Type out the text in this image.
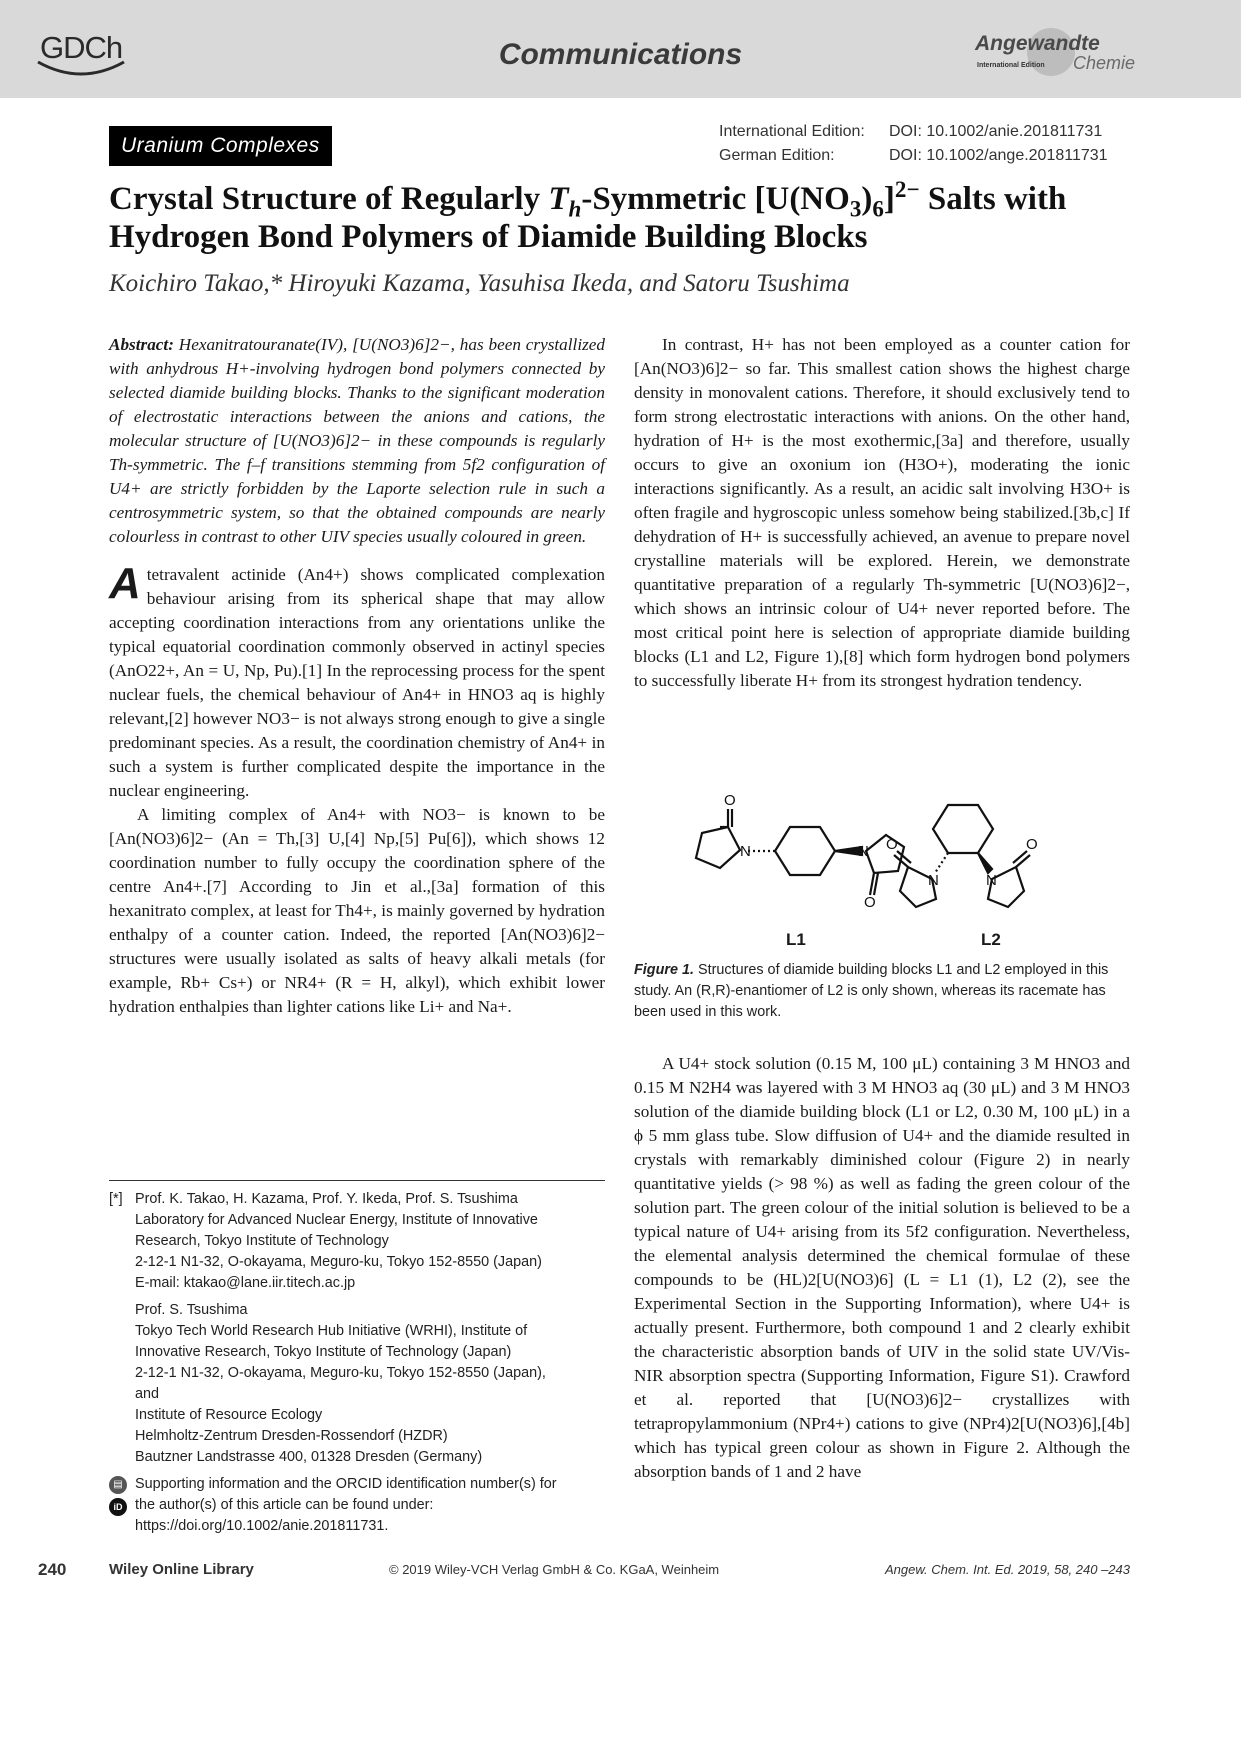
GDCh	Communications	Angewandte
International Edition Chemie
Uranium Complexes
International Edition: DOI: 10.1002/anie.201811731
German Edition:	DOI: 10.1002/ange.201811731
Crystal Structure of Regularly $T_h$-Symmetric $[U(NO_3)_6]^{2-}$ Salts with Hydrogen Bond Polymers of Diamide Building Blocks
Koichiro Takao,* Hiroyuki Kazama, Yasuhisa Ikeda, and Satoru Tsushima

Abstract: Hexanitratouranate(IV), [U(NO3)6]2−, has been crystallized with anhydrous H+-involving hydrogen bond polymers connected by selected diamide building blocks. Thanks to the significant moderation of electrostatic interactions between the anions and cations, the molecular structure of [U(NO3)6]2− in these compounds is regularly Th-symmetric. The f–f transitions stemming from 5f2 configuration of U4+ are strictly forbidden by the Laporte selection rule in such a centrosymmetric system, so that the obtained compounds are nearly colourless in contrast to other UIV species usually coloured in green.

A tetravalent actinide (An4+) shows complicated complexation behaviour arising from its spherical shape that may allow accepting coordination interactions from any orientations unlike the typical equatorial coordination commonly observed in actinyl species (AnO22+, An = U, Np, Pu).[1] In the reprocessing process for the spent nuclear fuels, the chemical behaviour of An4+ in HNO3 aq is highly relevant,[2] however NO3− is not always strong enough to give a single predominant species. As a result, the coordination chemistry of An4+ in such a system is further complicated despite the importance in the nuclear engineering.

A limiting complex of An4+ with NO3− is known to be [An(NO3)6]2− (An = Th,[3] U,[4] Np,[5] Pu[6]), which shows 12 coordination number to fully occupy the coordination sphere of the centre An4+.[7] According to Jin et al.,[3a] formation of this hexanitrato complex, at least for Th4+, is mainly governed by hydration enthalpy of a counter cation. Indeed, the reported [An(NO3)6]2− structures were usually isolated as salts of heavy alkali metals (for example, Rb+ Cs+) or NR4+ (R = H, alkyl), which exhibit lower hydration enthalpies than lighter cations like Li+ and Na+.

[*] Prof. K. Takao, H. Kazama, Prof. Y. Ikeda, Prof. S. Tsushima
Laboratory for Advanced Nuclear Energy, Institute of Innovative
Research, Tokyo Institute of Technology
2-12-1 N1-32, O-okayama, Meguro-ku, Tokyo 152-8550 (Japan)
E-mail: ktakao@lane.iir.titech.ac.jp
Prof. S. Tsushima
Tokyo Tech World Research Hub Initiative (WRHI), Institute of
Innovative Research, Tokyo Institute of Technology (Japan)
2-12-1 N1-32, O-okayama, Meguro-ku, Tokyo 152-8550 (Japan),
and
Institute of Resource Ecology
Helmholtz-Zentrum Dresden-Rossendorf (HZDR)
Bautzner Landstrasse 400, 01328 Dresden (Germany)
▤
iD
Supporting information and the ORCID identification number(s) for
the author(s) of this article can be found under:
https://doi.org/10.1002/anie.201811731.

In contrast, H+ has not been employed as a counter cation for [An(NO3)6]2− so far. This smallest cation shows the highest charge density in monovalent cations. Therefore, it should exclusively tend to form strong electrostatic interactions with anions. On the other hand, hydration of H+ is the most exothermic,[3a] and therefore, usually occurs to give an oxonium ion (H3O+), moderating the ionic interactions significantly. As a result, an acidic salt involving H3O+ is often fragile and hygroscopic unless somehow being stabilized.[3b,c] If dehydration of H+ is successfully achieved, an avenue to prepare novel crystalline materials will be explored. Herein, we demonstrate quantitative preparation of a regularly Th-symmetric [U(NO3)6]2−, which shows an intrinsic colour of U4+ never reported before. The most critical point here is selection of appropriate diamide building blocks (L1 and L2, Figure 1),[8] which form hydrogen bond polymers to successfully liberate H+ from its strongest hydration tendency.

O
N	N
O
O
N	N
O
L1	L2
Figure 1. Structures of diamide building blocks L1 and L2 employed in this study. An (R,R)-enantiomer of L2 is only shown, whereas its racemate has been used in this work.

A U4+ stock solution (0.15 M, 100 μL) containing 3 M HNO3 and 0.15 M N2H4 was layered with 3 M HNO3 aq (30 μL) and 3 M HNO3 solution of the diamide building block (L1 or L2, 0.30 M, 100 μL) in a ϕ 5 mm glass tube. Slow diffusion of U4+ and the diamide resulted in crystals with remarkably diminished colour (Figure 2) in nearly quantitative yields (> 98 %) as well as fading the green colour of the solution part. The green colour of the initial solution is believed to be a typical nature of U4+ arising from its 5f2 configuration. Nevertheless, the elemental analysis determined the chemical formulae of these compounds to be (HL)2[U(NO3)6] (L = L1 (1), L2 (2), see the Experimental Section in the Supporting Information), where U4+ is actually present. Furthermore, both compound 1 and 2 clearly exhibit the characteristic absorption bands of UIV in the solid state UV/Vis-NIR absorption spectra (Supporting Information, Figure S1). Crawford et al. reported that [U(NO3)6]2− crystallizes with tetrapropylammonium (NPr4+) cations to give (NPr4)2[U(NO3)6],[4b] which has typical green colour as shown in Figure 2. Although the absorption bands of 1 and 2 have

240	Wiley Online Library	© 2019 Wiley-VCH Verlag GmbH & Co. KGaA, Weinheim	Angew. Chem. Int. Ed. 2019, 58, 240 –243
